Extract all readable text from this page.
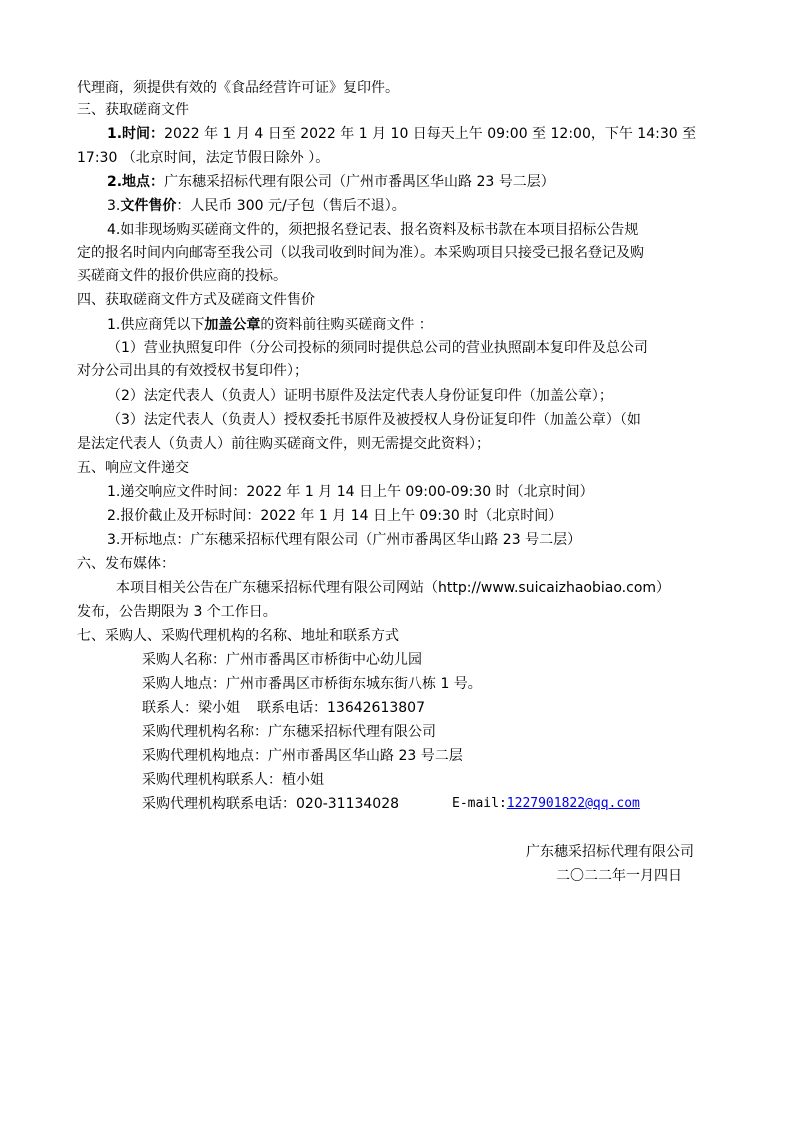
代理商，须提供有效的《食品经营许可证》复印件。
三、获取磋商文件
1.时间：2022 年 1 月 4 日至 2022 年 1 月 10 日每天上午 09:00 至 12:00，下午 14:30 至
17:30 （北京时间，法定节假日除外 ）。
2.地点：广东穗采招标代理有限公司（广州市番禺区华山路 23 号二层）
3.文件售价：人民币 300 元/子包（售后不退）。
4.如非现场购买磋商文件的，须把报名登记表、报名资料及标书款在本项目招标公告规
定的报名时间内向邮寄至我公司（以我司收到时间为准）。本采购项目只接受已报名登记及购
买磋商文件的报价供应商的投标。
四、获取磋商文件方式及磋商文件售价
1.供应商凭以下加盖公章的资料前往购买磋商文件 ：
（1）营业执照复印件（分公司投标的须同时提供总公司的营业执照副本复印件及总公司
对分公司出具的有效授权书复印件）；
（2）法定代表人（负责人）证明书原件及法定代表人身份证复印件（加盖公章）；
（3）法定代表人（负责人）授权委托书原件及被授权人身份证复印件（加盖公章）（如
是法定代表人（负责人）前往购买磋商文件，则无需提交此资料）；
五、响应文件递交
1.递交响应文件时间：2022 年 1 月 14 日上午 09:00-09:30 时（北京时间）
2.报价截止及开标时间：2022 年 1 月 14 日上午 09:30 时（北京时间）
3.开标地点：广东穗采招标代理有限公司（广州市番禺区华山路 23 号二层）
六、发布媒体：
本项目相关公告在广东穗采招标代理有限公司网站（http://www.suicaizhaobiao.com）
发布，公告期限为 3 个工作日。
七、采购人、采购代理机构的名称、地址和联系方式
采购人名称：广州市番禺区市桥街中心幼儿园
采购人地点：广州市番禺区市桥街东城东街八栋 1 号。
联系人：梁小姐 联系电话：13642613807
采购代理机构名称：广东穗采招标代理有限公司
采购代理机构地点：广州市番禺区华山路 23 号二层
采购代理机构联系人：植小姐
采购代理机构联系电话：020-31134028	E-mail:1227901822@qq.com
广东穗采招标代理有限公司
二〇二二年一月四日
